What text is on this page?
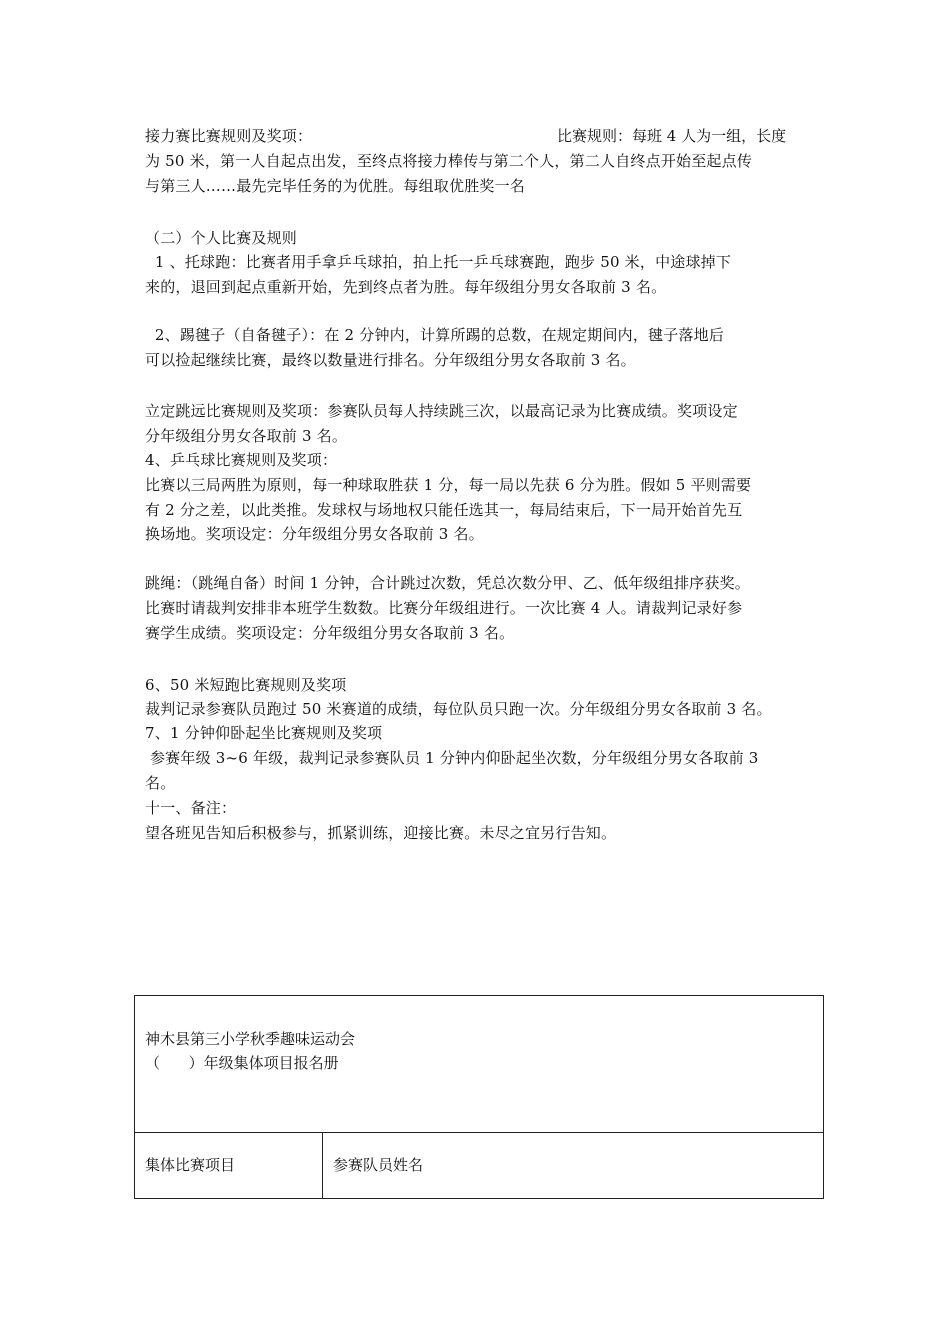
接力赛比赛规则及奖项：	比赛规则：每班 4 人为一组，长度
为 50 米，第一人自起点出发，至终点将接力棒传与第二个人，第二人自终点开始至起点传
与第三人……最先完毕任务的为优胜。每组取优胜奖一名
（二）个人比赛及规则
1 、托球跑：比赛者用手拿乒乓球拍，拍上托一乒乓球赛跑，跑步 50 米，中途球掉下
来的，退回到起点重新开始，先到终点者为胜。每年级组分男女各取前 3 名。
2、踢毽子（自备毽子）：在 2 分钟内，计算所踢的总数，在规定期间内，毽子落地后
可以捡起继续比赛，最终以数量进行排名。分年级组分男女各取前 3 名。
立定跳远比赛规则及奖项：参赛队员每人持续跳三次，以最高记录为比赛成绩。奖项设定
分年级组分男女各取前 3 名。
4、乒乓球比赛规则及奖项：
比赛以三局两胜为原则，每一种球取胜获 1 分，每一局以先获 6 分为胜。假如 5 平则需要
有 2 分之差，以此类推。发球权与场地权只能任选其一，每局结束后，下一局开始首先互
换场地。奖项设定：分年级组分男女各取前 3 名。
跳绳：（跳绳自备）时间 1 分钟，合计跳过次数，凭总次数分甲、乙、低年级组排序获奖。
比赛时请裁判安排非本班学生数数。比赛分年级组进行。一次比赛 4 人。请裁判记录好参
赛学生成绩。奖项设定：分年级组分男女各取前 3 名。
6、50 米短跑比赛规则及奖项
裁判记录参赛队员跑过 50 米赛道的成绩，每位队员只跑一次。分年级组分男女各取前 3 名。
7、1 分钟仰卧起坐比赛规则及奖项
参赛年级 3~6 年级，裁判记录参赛队员 1 分钟内仰卧起坐次数，分年级组分男女各取前 3
名。
十一、备注：
望各班见告知后积极参与，抓紧训练，迎接比赛。未尽之宜另行告知。
神木县第三小学秋季趣味运动会
（      ）年级集体项目报名册
集体比赛项目	参赛队员姓名
